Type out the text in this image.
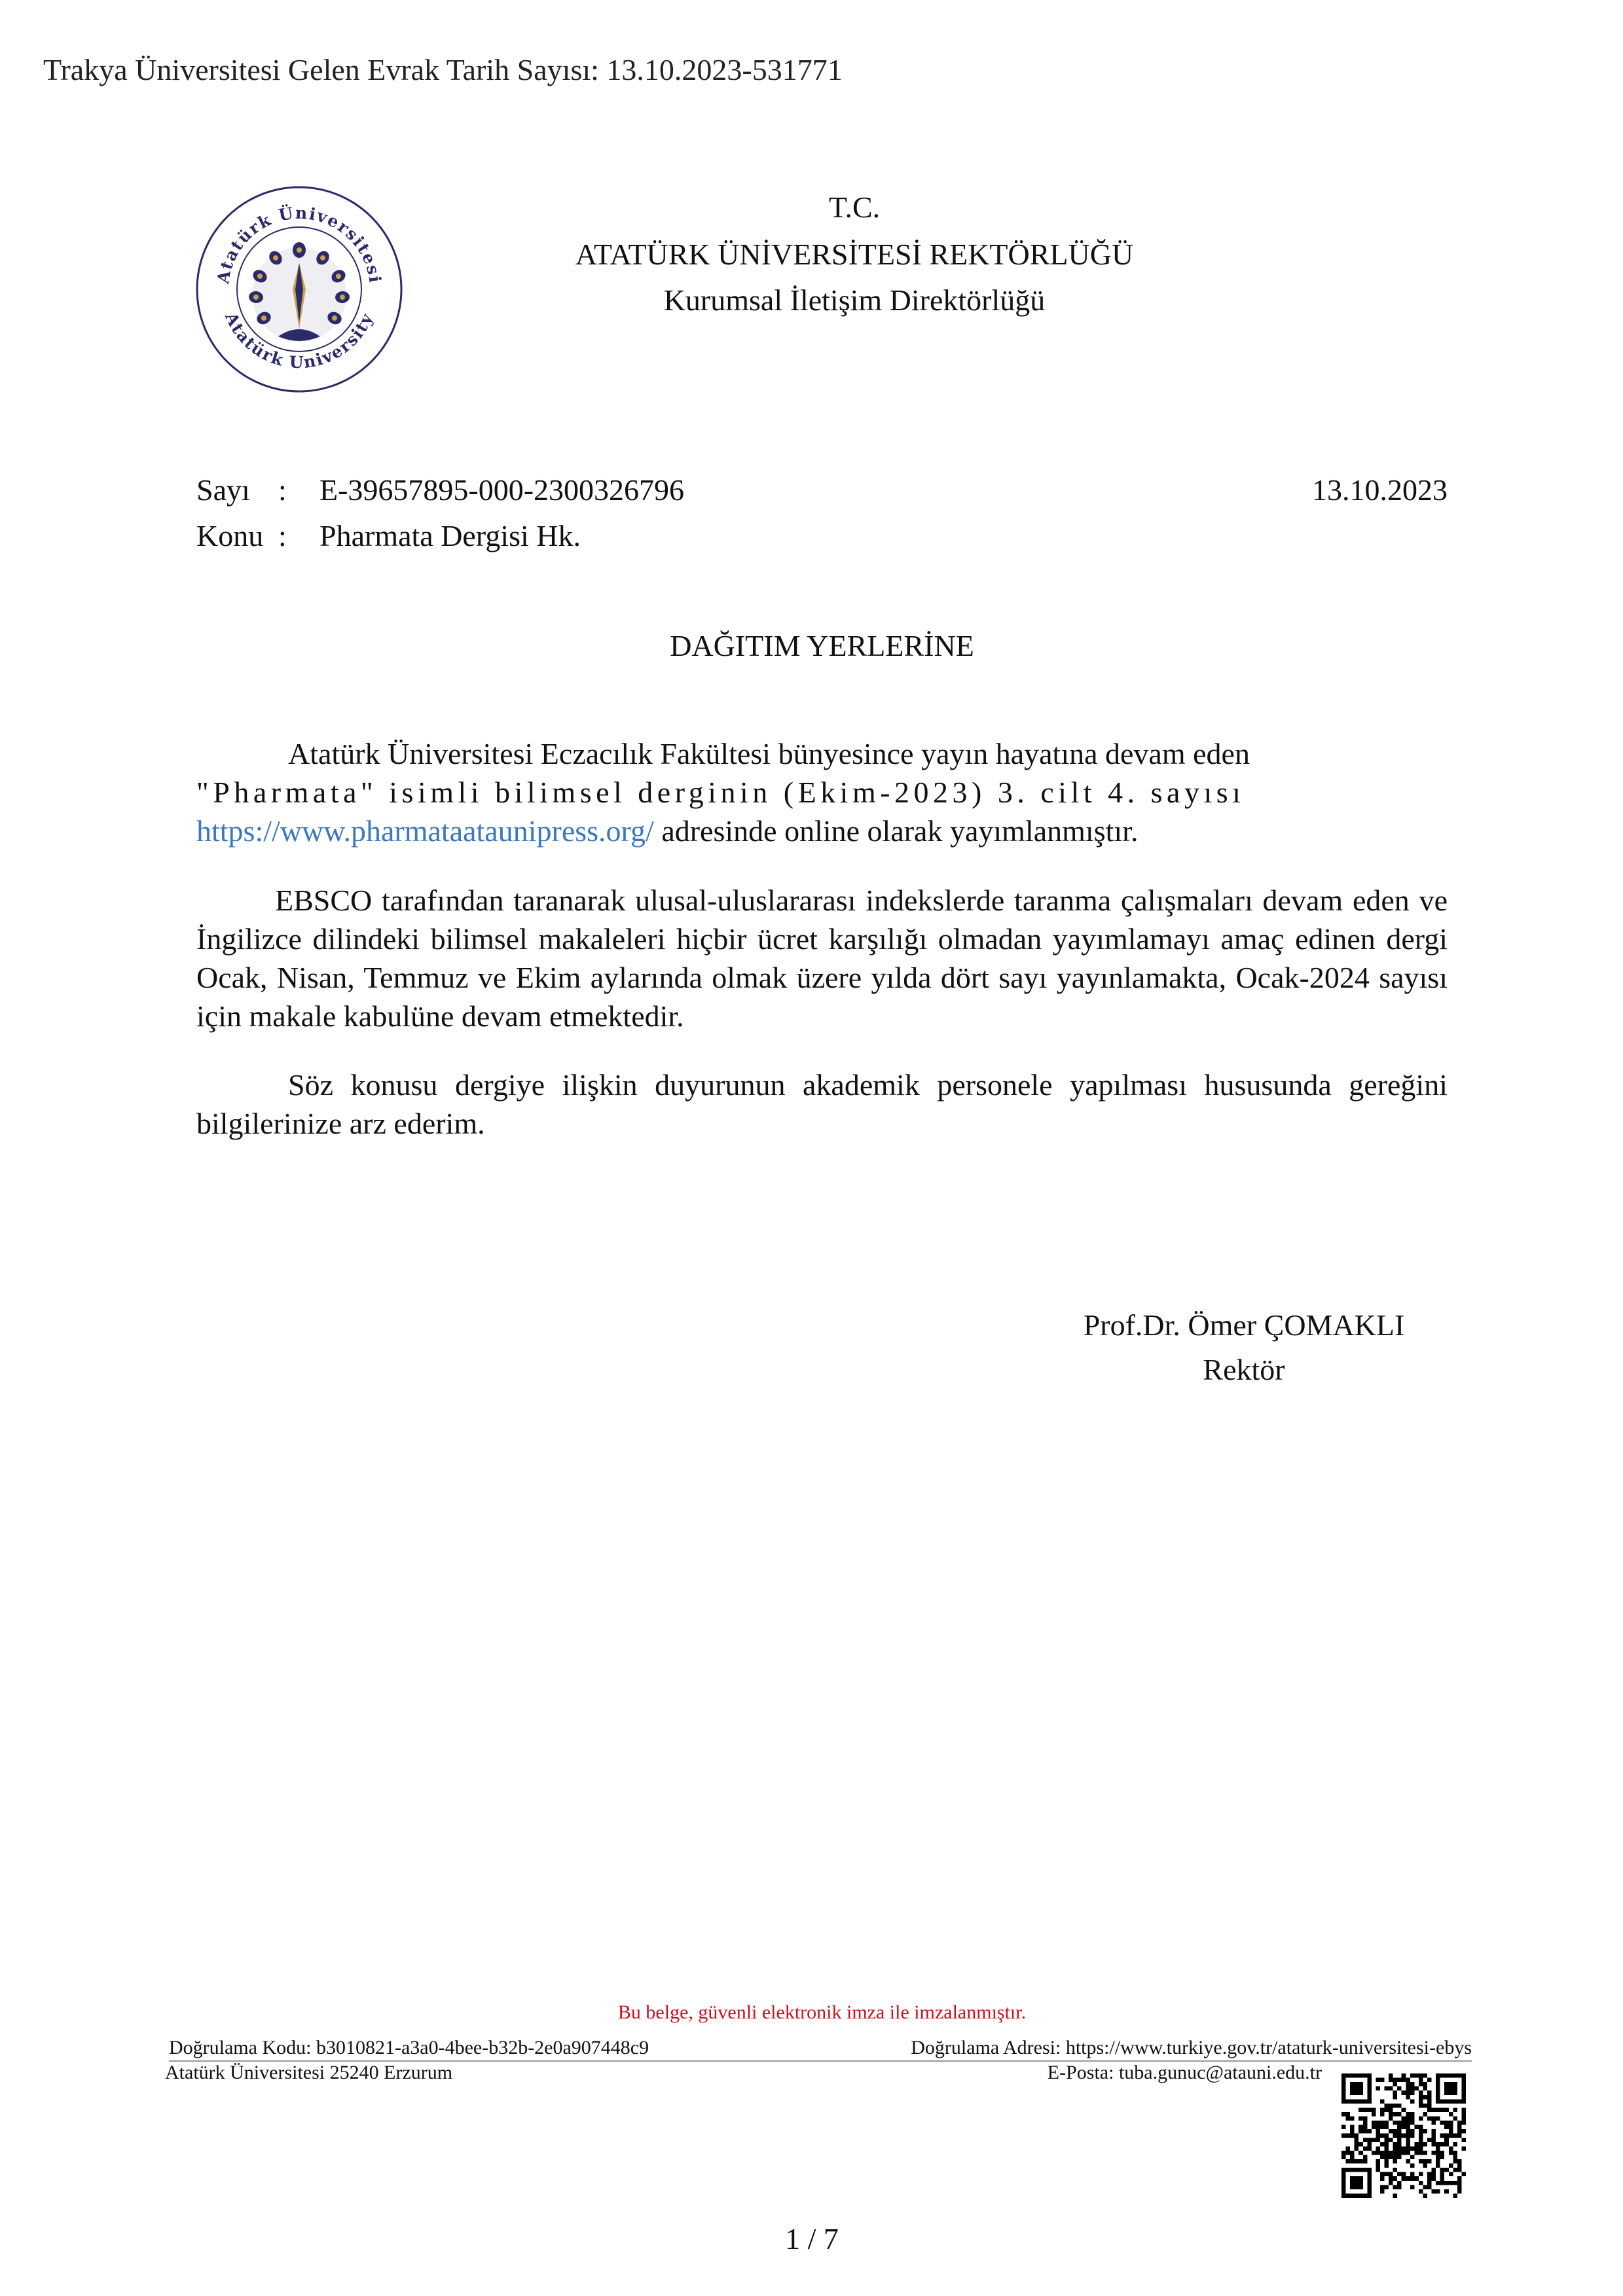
Trakya Üniversitesi Gelen Evrak Tarih Sayısı: 13.10.2023-531771
Atatürk Üniversitesi
Atatürk University
1957
T.C.
ATATÜRK ÜNİVERSİTESİ REKTÖRLÜĞÜ
Kurumsal İletişim Direktörlüğü
Sayı : E-39657895-000-2300326796	13.10.2023
Konu : Pharmata Dergisi Hk.
DAĞITIM YERLERİNE
Atatürk Üniversitesi Eczacılık Fakültesi bünyesince yayın hayatına devam eden
"Pharmata" isimli bilimsel derginin (Ekim-2023) 3. cilt 4. sayısı
https://www.pharmataataunipress.org/ adresinde online olarak yayımlanmıştır.
EBSCO tarafından taranarak ulusal-uluslararası indekslerde taranma çalışmaları devam eden ve İngilizce dilindeki bilimsel makaleleri hiçbir ücret karşılığı olmadan yayımlamayı amaç edinen dergi Ocak, Nisan, Temmuz ve Ekim aylarında olmak üzere yılda dört sayı yayınlamakta, Ocak-2024 sayısı için makale kabulüne devam etmektedir.
Söz konusu dergiye ilişkin duyurunun akademik personele yapılması hususunda gereğini bilgilerinize arz ederim.
Prof.Dr. Ömer ÇOMAKLI
Rektör
Bu belge, güvenli elektronik imza ile imzalanmıştır.
Doğrulama Kodu: b3010821-a3a0-4bee-b32b-2e0a907448c9	Doğrulama Adresi: https://www.turkiye.gov.tr/ataturk-universitesi-ebys
Atatürk Üniversitesi 25240 Erzurum	E-Posta: tuba.gunuc@atauni.edu.tr
1 / 7
